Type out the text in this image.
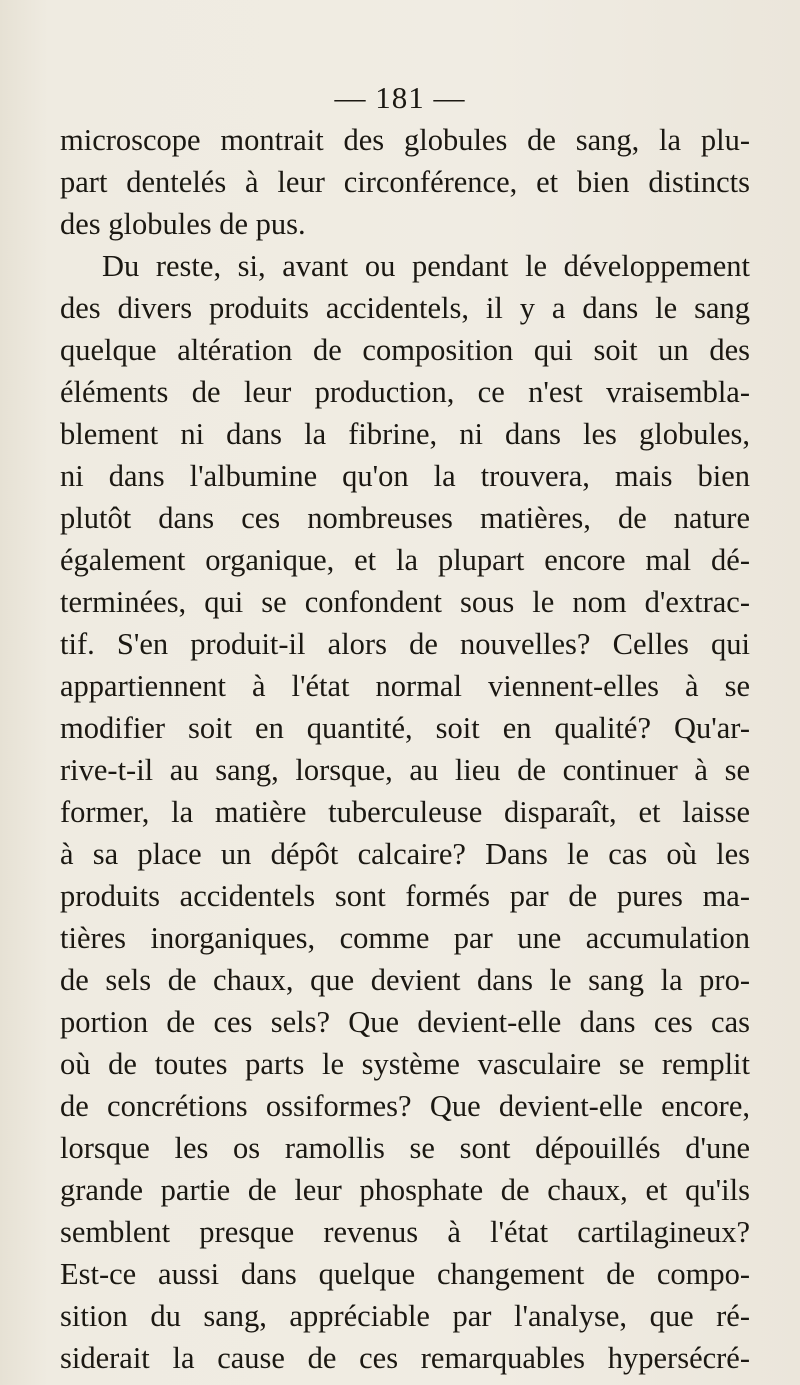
— 181 —
microscope montrait des globules de sang, la plu-
part dentelés à leur circonférence, et bien distincts
des globules de pus.
Du reste, si, avant ou pendant le développement
des divers produits accidentels, il y a dans le sang
quelque altération de composition qui soit un des
éléments de leur production, ce n'est vraisembla-
blement ni dans la fibrine, ni dans les globules,
ni dans l'albumine qu'on la trouvera, mais bien
plutôt dans ces nombreuses matières, de nature
également organique, et la plupart encore mal dé-
terminées, qui se confondent sous le nom d'extrac-
tif. S'en produit-il alors de nouvelles? Celles qui
appartiennent à l'état normal viennent-elles à se
modifier soit en quantité, soit en qualité? Qu'ar-
rive-t-il au sang, lorsque, au lieu de continuer à se
former, la matière tuberculeuse disparaît, et laisse
à sa place un dépôt calcaire? Dans le cas où les
produits accidentels sont formés par de pures ma-
tières inorganiques, comme par une accumulation
de sels de chaux, que devient dans le sang la pro-
portion de ces sels? Que devient-elle dans ces cas
où de toutes parts le système vasculaire se remplit
de concrétions ossiformes? Que devient-elle encore,
lorsque les os ramollis se sont dépouillés d'une
grande partie de leur phosphate de chaux, et qu'ils
semblent presque revenus à l'état cartilagineux?
Est-ce aussi dans quelque changement de compo-
sition du sang, appréciable par l'analyse, que ré-
siderait la cause de ces remarquables hypersécré-
